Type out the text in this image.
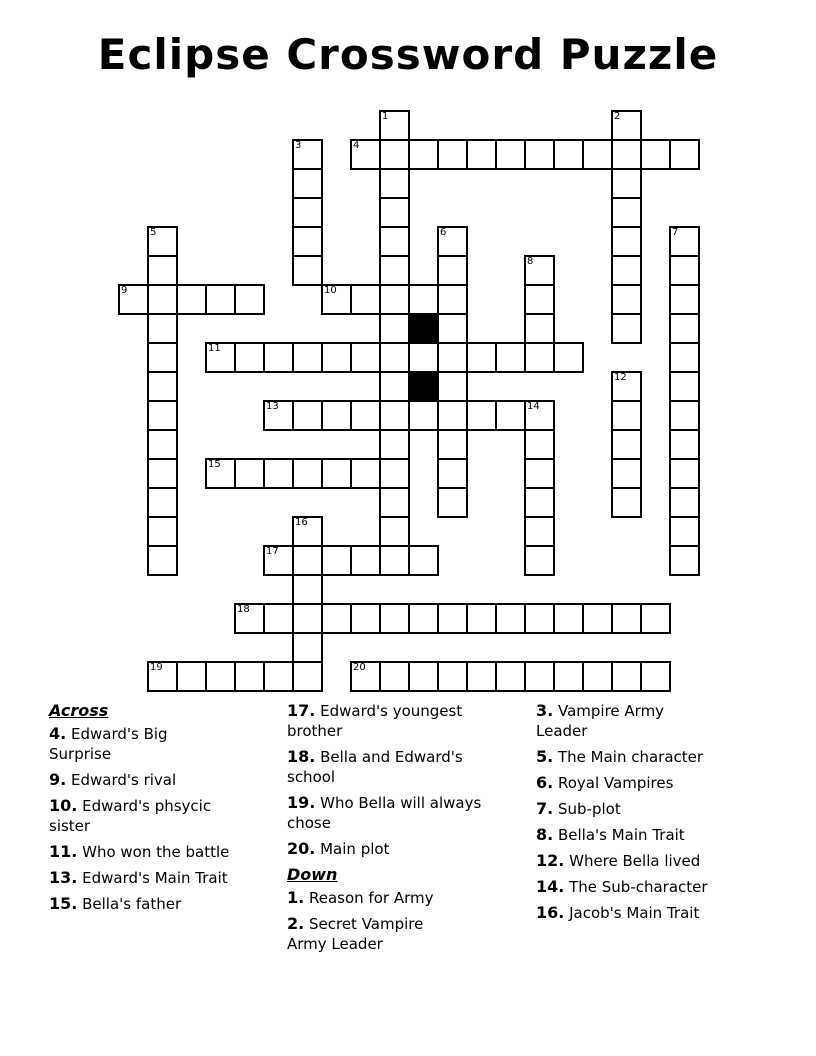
Eclipse Crossword Puzzle
1	2
3	4
5	6	7
8
9	10
11
12
13	14
15
16
17
18
19	20
Across
4. Edward's Big
Surprise
9. Edward's rival
10. Edward's phsycic
sister
11. Who won the battle
13. Edward's Main Trait
15. Bella's father
17. Edward's youngest
brother
18. Bella and Edward's
school
19. Who Bella will always
chose
20. Main plot
Down
1. Reason for Army
2. Secret Vampire
Army Leader
3. Vampire Army
Leader
5. The Main character
6. Royal Vampires
7. Sub-plot
8. Bella's Main Trait
12. Where Bella lived
14. The Sub-character
16. Jacob's Main Trait
